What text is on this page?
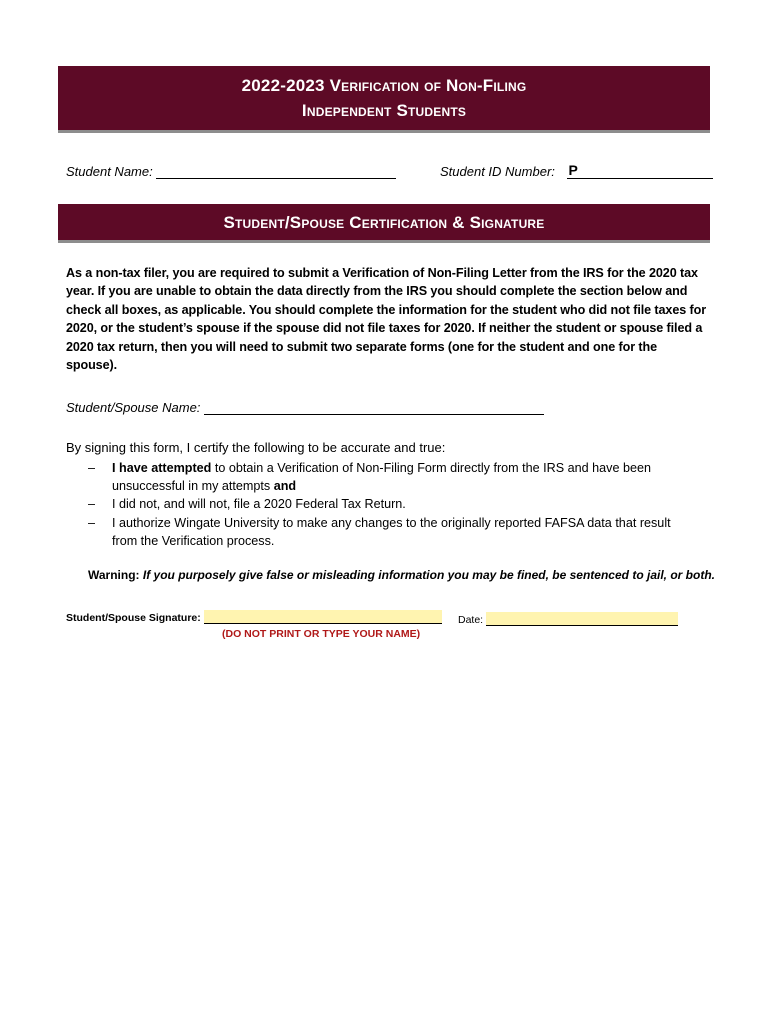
2022-2023 Verification of Non-Filing
Independent Students
Student Name:	Student ID Number: P
Student/Spouse Certification & Signature
As a non-tax filer, you are required to submit a Verification of Non-Filing Letter from the IRS for the 2020 tax year. If you are unable to obtain the data directly from the IRS you should complete the section below and check all boxes, as applicable. You should complete the information for the student who did not file taxes for 2020, or the student’s spouse if the spouse did not file taxes for 2020. If neither the student or spouse filed a 2020 tax return, then you will need to submit two separate forms (one for the student and one for the spouse).
Student/Spouse Name:
By signing this form, I certify the following to be accurate and true:
– I have attempted to obtain a Verification of Non-Filing Form directly from the IRS and have been unsuccessful in my attempts and
– I did not, and will not, file a 2020 Federal Tax Return.
– I authorize Wingate University to make any changes to the originally reported FAFSA data that result from the Verification process.
Warning: If you purposely give false or misleading information you may be fined, be sentenced to jail, or both.
Student/Spouse Signature:	Date:
(DO NOT PRINT OR TYPE YOUR NAME)
